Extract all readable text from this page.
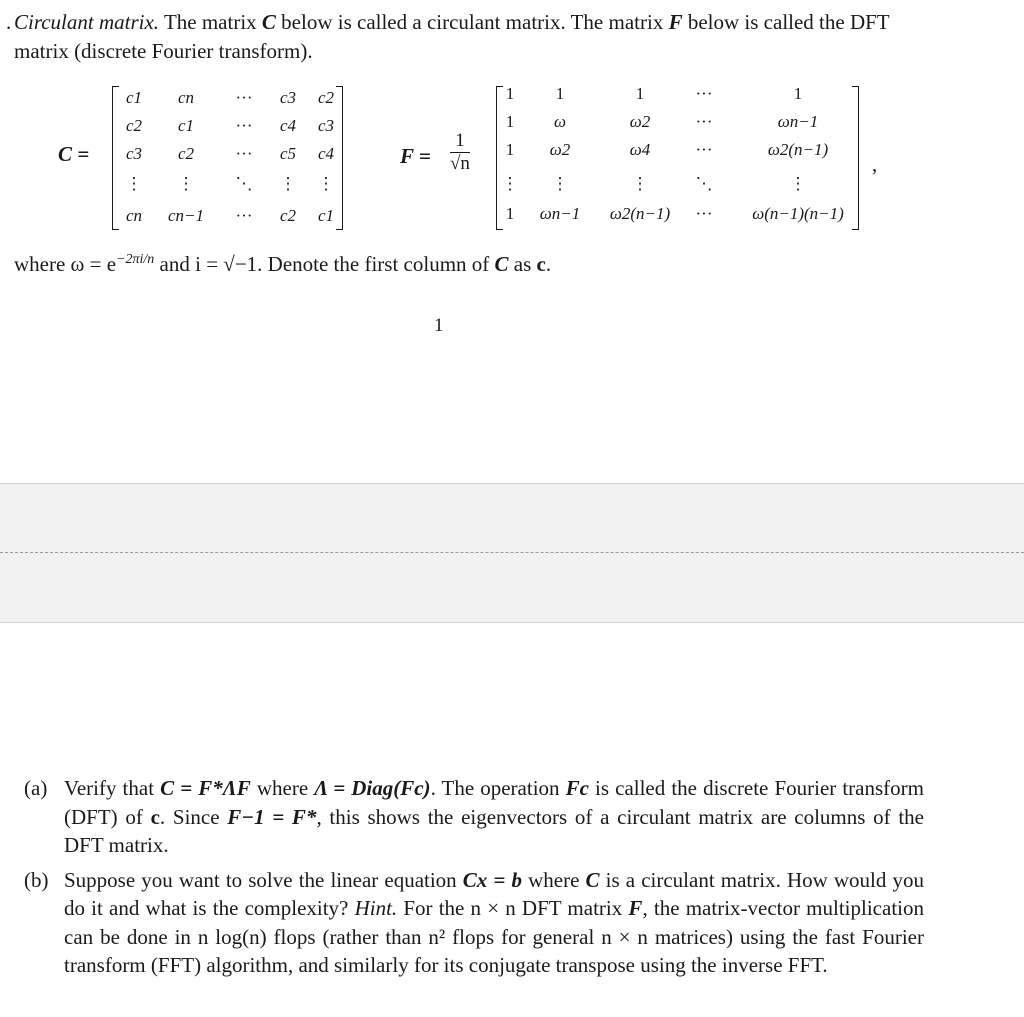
. Circulant matrix. The matrix C below is called a circulant matrix. The matrix F below is called the DFT matrix (discrete Fourier transform).

C =
c1 cn ··· c3 c2
c2 c1 ··· c4 c3
c3 c2 ··· c5 c4
⋮ ⋮ ⋱ ⋮ ⋮
cn cn−1 ··· c2 c1
$F = \frac{1}{√n}$
1 1	1	···	1
1 ω	ω2	···	ωn−1
1 ω2	ω4	···	ω2(n−1)
⋮ ⋮	⋮	⋱	⋮
1 ωn−1 ω2(n−1) ··· ω(n−1)(n−1)
,
where $\omega = e^{-2\pi i/n}$ and i = √−1. Denote the first column of C as c.
1
(a) Verify that C = F*ΛF where Λ = Diag(Fc). The operation Fc is called the discrete Fourier transform (DFT) of c. Since F−1 = F*, this shows the eigenvectors of a circulant matrix are columns of the DFT matrix.
(b) Suppose you want to solve the linear equation Cx = b where C is a circulant matrix. How would you do it and what is the complexity? Hint. For the n × n DFT matrix F, the matrix-vector multiplication can be done in n log(n) flops (rather than n² flops for general n × n matrices) using the fast Fourier transform (FFT) algorithm, and similarly for its conjugate transpose using the inverse FFT.
